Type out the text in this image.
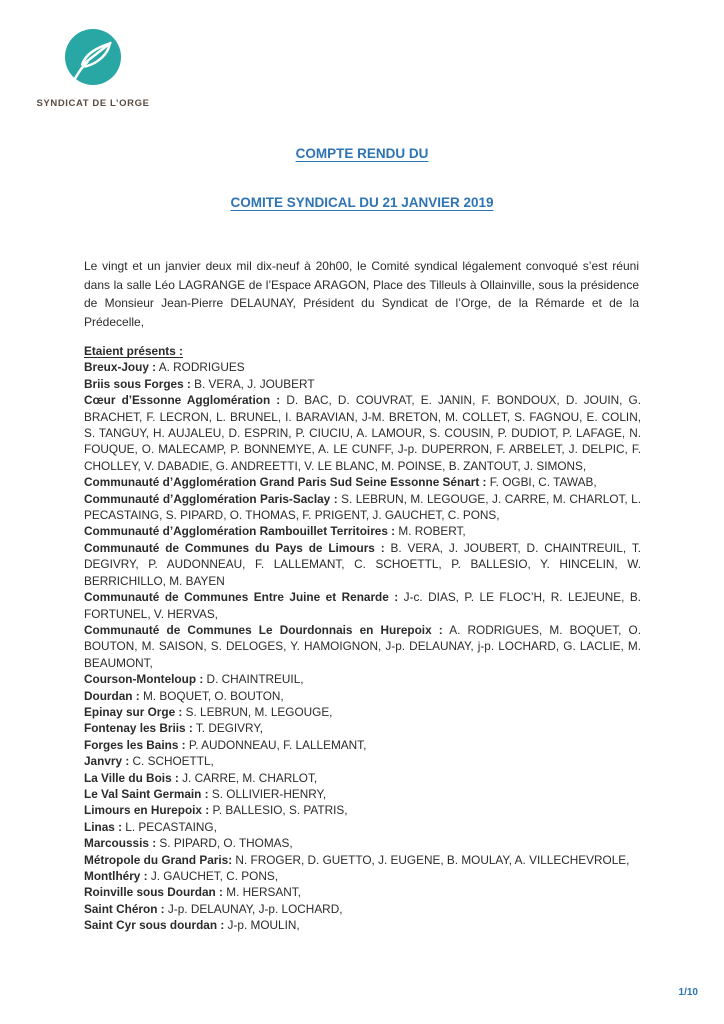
SYNDICAT DE L’ORGE
COMPTE RENDU DU
COMITE SYNDICAL DU 21 JANVIER 2019

Le vingt et un janvier deux mil dix-neuf à 20h00, le Comité syndical légalement convoqué s’est réuni dans la salle Léo LAGRANGE de l’Espace ARAGON, Place des Tilleuls à Ollainville, sous la présidence de Monsieur Jean-Pierre DELAUNAY, Président du Syndicat de l’Orge, de la Rémarde et de la Prédecelle,

Etaient présents :

Breux-Jouy : A. RODRIGUES

Briis sous Forges : B. VERA, J. JOUBERT

Cœur d’Essonne Agglomération : D. BAC, D. COUVRAT, E. JANIN, F. BONDOUX, D. JOUIN, G. BRACHET, F. LECRON, L. BRUNEL, I. BARAVIAN, J-M. BRETON, M. COLLET, S. FAGNOU, E. COLIN, S. TANGUY, H. AUJALEU, D. ESPRIN, P. CIUCIU, A. LAMOUR, S. COUSIN, P. DUDIOT, P. LAFAGE, N. FOUQUE, O. MALECAMP, P. BONNEMYE, A. LE CUNFF, J-p. DUPERRON, F. ARBELET, J. DELPIC, F. CHOLLEY, V. DABADIE, G. ANDREETTI, V. LE BLANC, M. POINSE, B. ZANTOUT, J. SIMONS,

Communauté d’Agglomération Grand Paris Sud Seine Essonne Sénart : F. OGBI, C. TAWAB,

Communauté d’Agglomération Paris-Saclay : S. LEBRUN, M. LEGOUGE, J. CARRE, M. CHARLOT, L. PECASTAING, S. PIPARD, O. THOMAS, F. PRIGENT, J. GAUCHET, C. PONS,

Communauté d’Agglomération Rambouillet Territoires : M. ROBERT,

Communauté de Communes du Pays de Limours : B. VERA, J. JOUBERT, D. CHAINTREUIL, T. DEGIVRY, P. AUDONNEAU, F. LALLEMANT, C. SCHOETTL, P. BALLESIO, Y. HINCELIN, W. BERRICHILLO, M. BAYEN

Communauté de Communes Entre Juine et Renarde : J-c. DIAS, P. LE FLOC’H, R. LEJEUNE, B. FORTUNEL, V. HERVAS,

Communauté de Communes Le Dourdonnais en Hurepoix : A. RODRIGUES, M. BOQUET, O. BOUTON, M. SAISON, S. DELOGES, Y. HAMOIGNON, J-p. DELAUNAY, j-p. LOCHARD, G. LACLIE, M. BEAUMONT,

Courson-Monteloup : D. CHAINTREUIL,

Dourdan : M. BOQUET, O. BOUTON,

Epinay sur Orge : S. LEBRUN, M. LEGOUGE,

Fontenay les Briis : T. DEGIVRY,

Forges les Bains : P. AUDONNEAU, F. LALLEMANT,

Janvry : C. SCHOETTL,

La Ville du Bois : J. CARRE, M. CHARLOT,

Le Val Saint Germain : S. OLLIVIER-HENRY,

Limours en Hurepoix : P. BALLESIO, S. PATRIS,

Linas : L. PECASTAING,

Marcoussis : S. PIPARD, O. THOMAS,

Métropole du Grand Paris: N. FROGER, D. GUETTO, J. EUGENE, B. MOULAY, A. VILLECHEVROLE,

Montlhéry : J. GAUCHET, C. PONS,

Roinville sous Dourdan : M. HERSANT,

Saint Chéron : J-p. DELAUNAY, J-p. LOCHARD,

Saint Cyr sous dourdan : J-p. MOULIN,

1/10
